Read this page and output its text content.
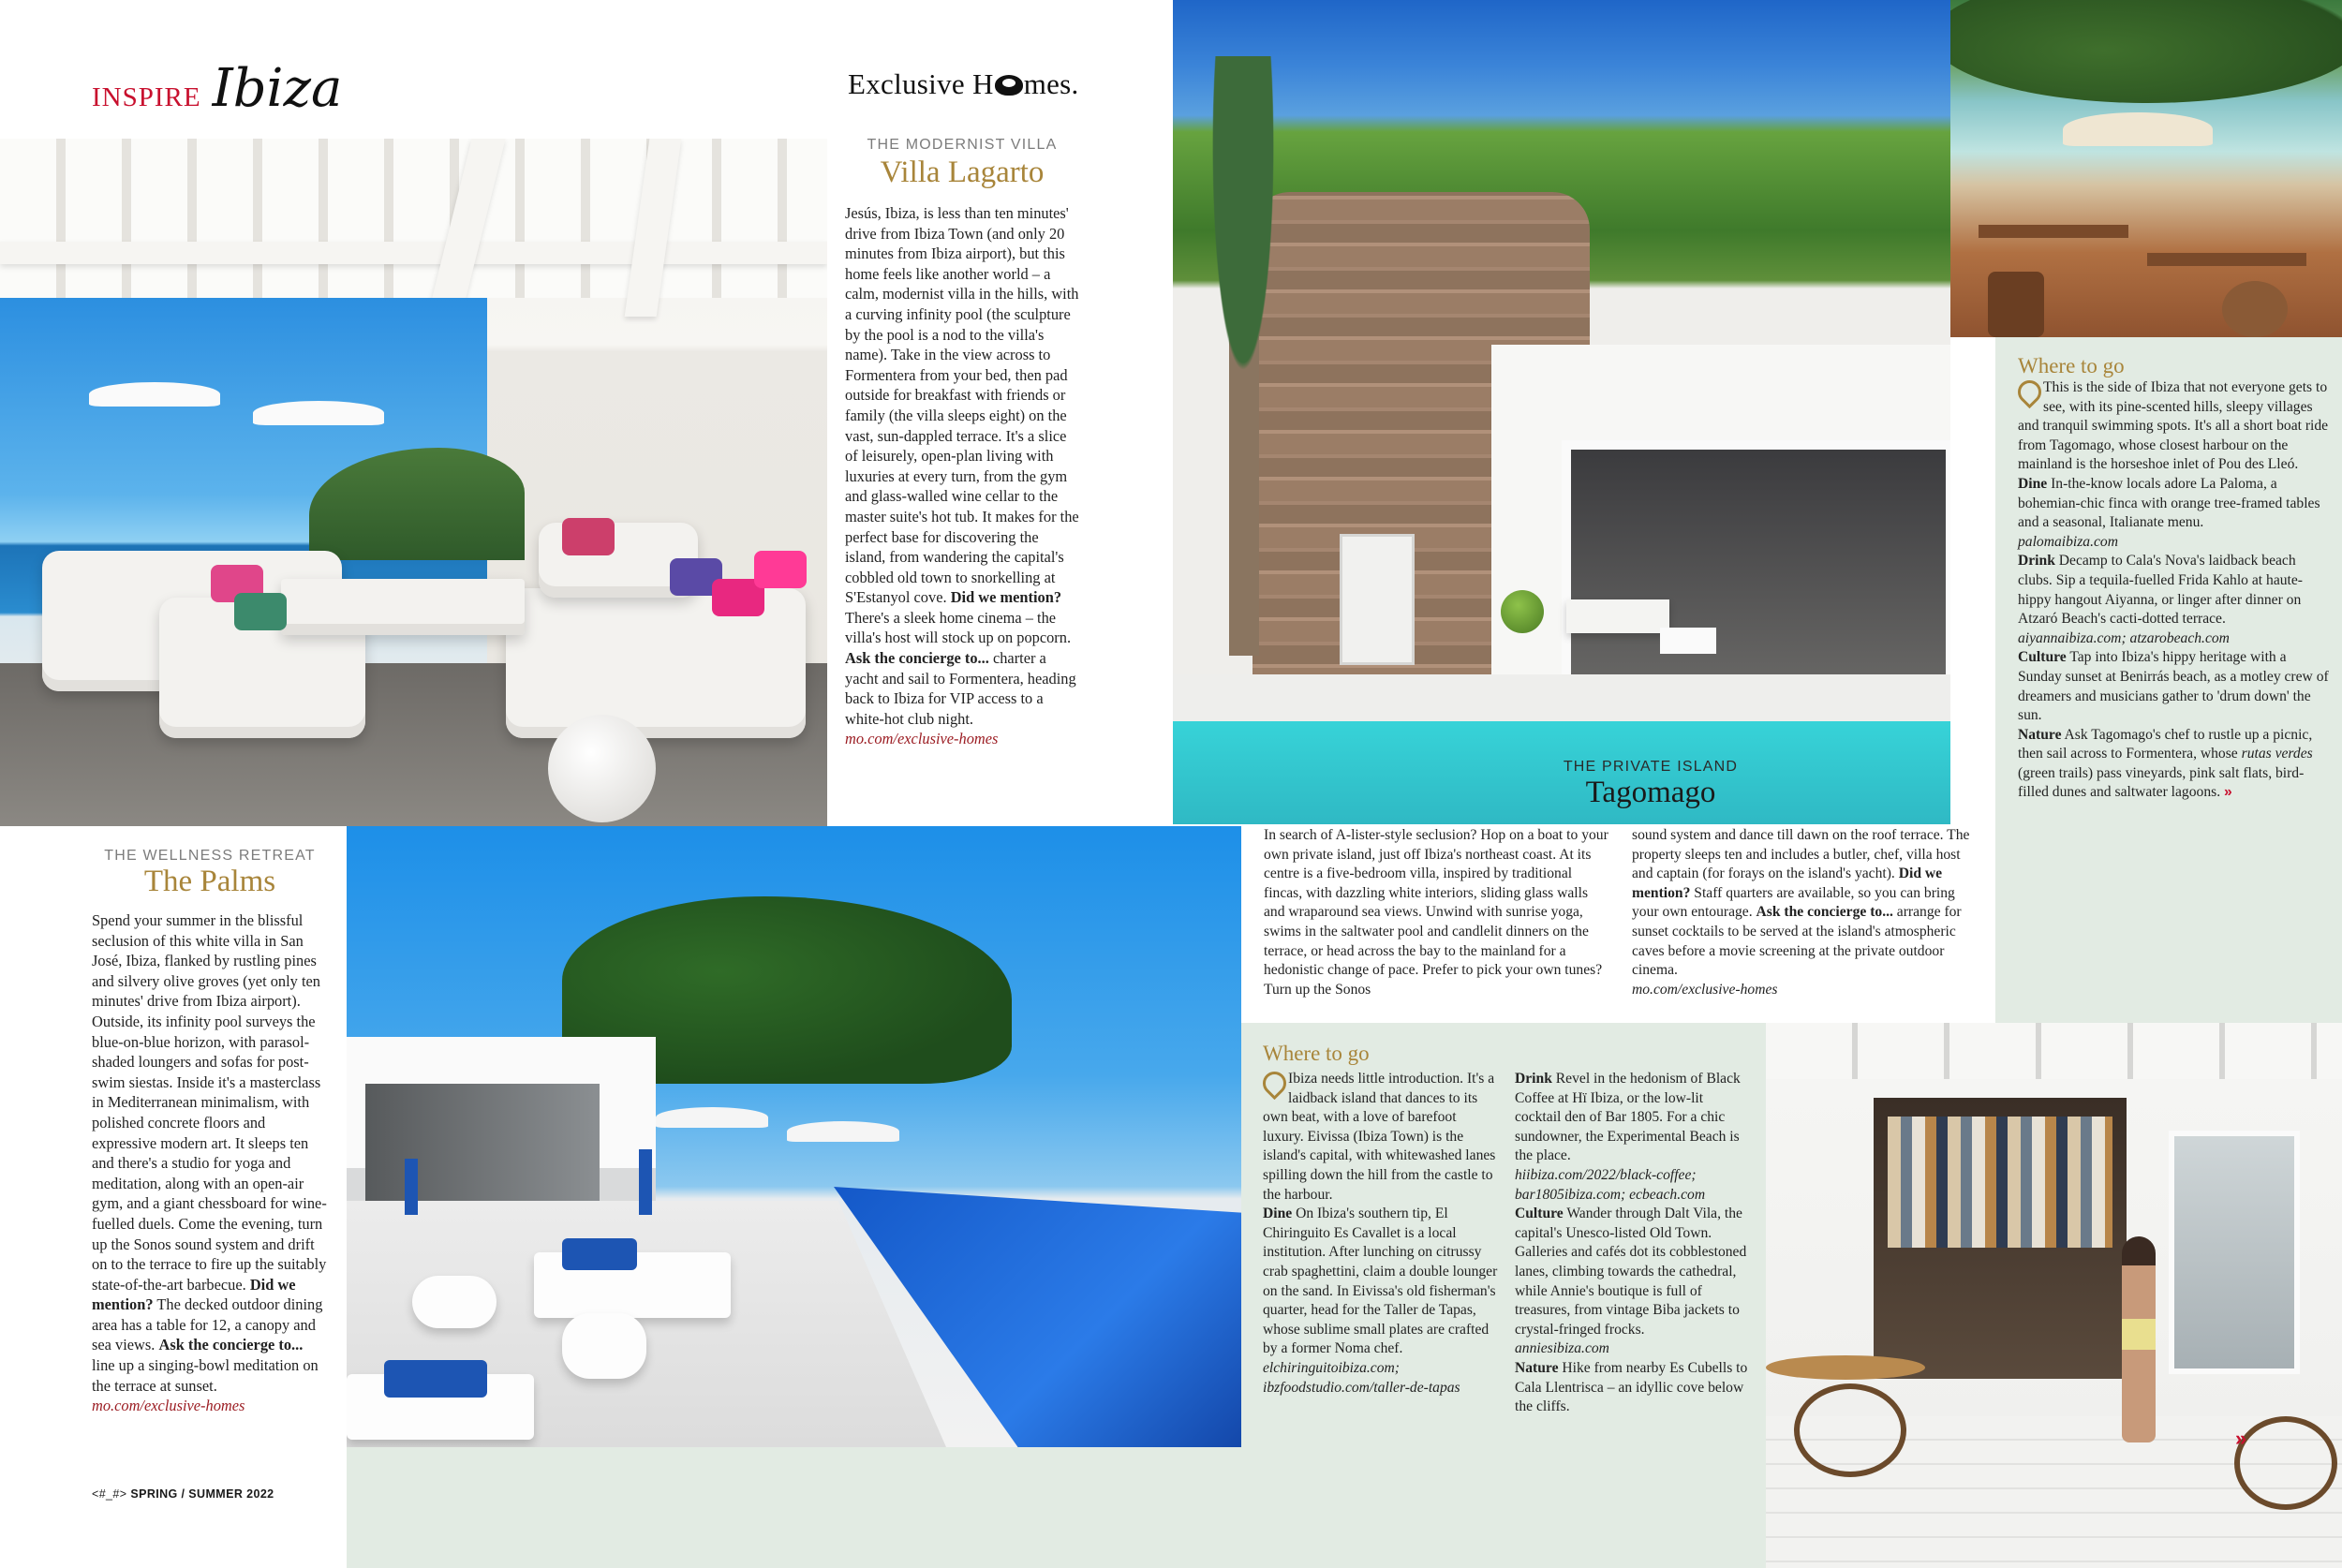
»
INSPIRE Ibiza	Exclusive H mes.
THE MODERNIST VILLA
Villa Lagarto
Jesús, Ibiza, is less than ten minutes' drive from Ibiza Town (and only 20 minutes from Ibiza airport), but this home feels like another world – a calm, modernist villa in the hills, with a curving infinity pool (the sculpture by the pool is a nod to the villa's name). Take in the view across to Formentera from your bed, then pad outside for breakfast with friends or family (the villa sleeps eight) on the vast, sun-dappled terrace. It's a slice of leisurely, open-plan living with luxuries at every turn, from the gym and glass-walled wine cellar to the master suite's hot tub. It makes for the perfect base for discovering the island, from wandering the capital's cobbled old town to snorkelling at S'Estanyol cove. Did we mention? There's a sleek home cinema – the villa's host will stock up on popcorn. Ask the concierge to... charter a yacht and sail to Formentera, heading back to Ibiza for VIP access to a white-hot club night.
mo.com/exclusive-homes
THE PRIVATE ISLAND
Tagomago
In search of A-lister-style seclusion? Hop on a boat to your own private island, just off Ibiza's northeast coast. At its centre is a five-bedroom villa, inspired by traditional fincas, with dazzling white interiors, sliding glass walls and wraparound sea views. Unwind with sunrise yoga, swims in the saltwater pool and candlelit dinners on the terrace, or head across the bay to the mainland for a hedonistic change of pace. Prefer to pick your own tunes? Turn up the Sonos
sound system and dance till dawn on the roof terrace. The property sleeps ten and includes a butler, chef, villa host and captain (for forays on the island's yacht). Did we mention? Staff quarters are available, so you can bring your own entourage. Ask the concierge to... arrange for sunset cocktails to be served at the island's atmospheric caves before a movie screening at the private outdoor cinema.
mo.com/exclusive-homes
Where to go
This is the side of Ibiza that not everyone gets to see, with its pine-scented hills, sleepy villages and tranquil swimming spots. It's all a short boat ride from Tagomago, whose closest harbour on the mainland is the horseshoe inlet of Pou des Lleó.
Dine In-the-know locals adore La Paloma, a bohemian-chic finca with orange tree-framed tables and a seasonal, Italianate menu.
palomaibiza.com
Drink Decamp to Cala's Nova's laidback beach clubs. Sip a tequila-fuelled Frida Kahlo at haute-hippy hangout Aiyanna, or linger after dinner on Atzaró Beach's cacti-dotted terrace.
aiyannaibiza.com; atzarobeach.com
Culture Tap into Ibiza's hippy heritage with a Sunday sunset at Benirrás beach, as a motley crew of dreamers and musicians gather to 'drum down' the sun.
Nature Ask Tagomago's chef to rustle up a picnic, then sail across to Formentera, whose rutas verdes (green trails) pass vineyards, pink salt flats, bird-filled dunes and saltwater lagoons. »
THE WELLNESS RETREAT
The Palms
Spend your summer in the blissful seclusion of this white villa in San José, Ibiza, flanked by rustling pines and silvery olive groves (yet only ten minutes' drive from Ibiza airport). Outside, its infinity pool surveys the blue-on-blue horizon, with parasol-shaded loungers and sofas for post-swim siestas. Inside it's a masterclass in Mediterranean minimalism, with polished concrete floors and expressive modern art. It sleeps ten and there's a studio for yoga and meditation, along with an open-air gym, and a giant chessboard for wine-fuelled duels. Come the evening, turn up the Sonos sound system and drift on to the terrace to fire up the suitably state-of-the-art barbecue. Did we mention? The decked outdoor dining area has a table for 12, a canopy and sea views. Ask the concierge to... line up a singing-bowl meditation on the terrace at sunset.
mo.com/exclusive-homes
Where to go
Ibiza needs little introduction. It's a laidback island that dances to its own beat, with a love of barefoot luxury. Eivissa (Ibiza Town) is the island's capital, with whitewashed lanes spilling down the hill from the castle to the harbour.
Dine On Ibiza's southern tip, El Chiringuito Es Cavallet is a local institution. After lunching on citrussy crab spaghettini, claim a double lounger on the sand. In Eivissa's old fisherman's quarter, head for the Taller de Tapas, whose sublime small plates are crafted by a former Noma chef.
elchiringuitoibiza.com; ibzfoodstudio.com/taller-de-tapas
Drink Revel in the hedonism of Black Coffee at Hï Ibiza, or the low-lit cocktail den of Bar 1805. For a chic sundowner, the Experimental Beach is the place.
hiibiza.com/2022/black-coffee; bar1805ibiza.com; ecbeach.com
Culture Wander through Dalt Vila, the capital's Unesco-listed Old Town. Galleries and cafés dot its cobblestoned lanes, climbing towards the cathedral, while Annie's boutique is full of treasures, from vintage Biba jackets to crystal-fringed frocks.
anniesibiza.com
Nature Hike from nearby Es Cubells to Cala Llentrisca – an idyllic cove below the cliffs.
<#_#> SPRING / SUMMER 2022
